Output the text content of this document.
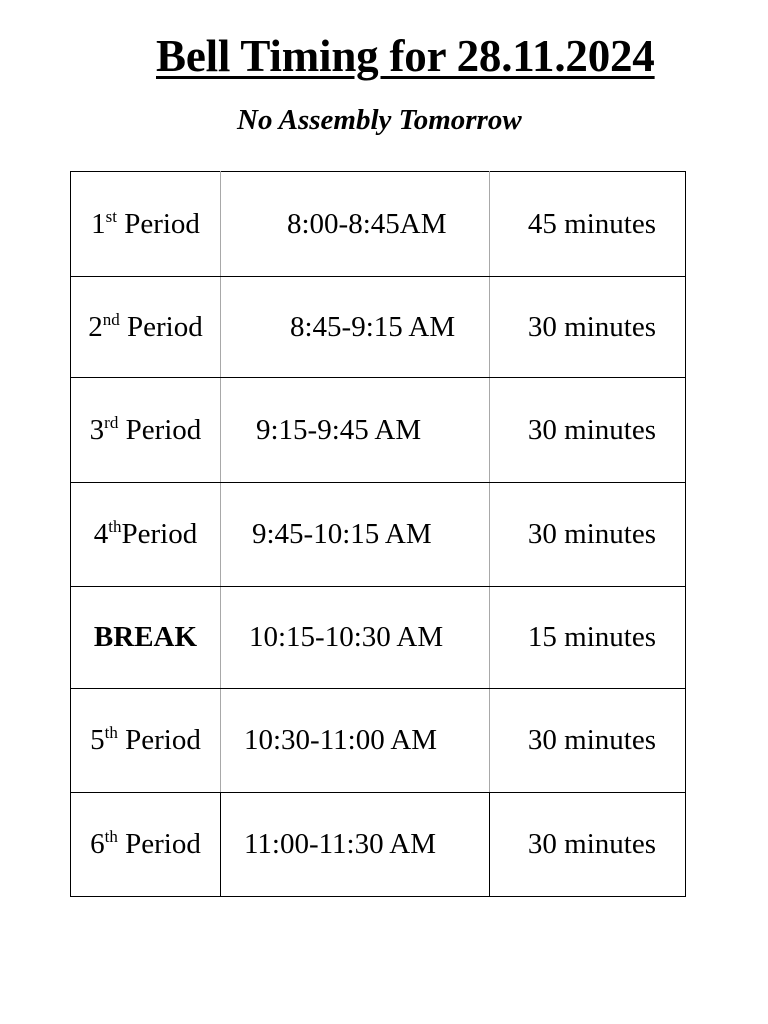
Bell Timing for 28.11.2024

No Assembly Tomorrow

1st Period	8:00-8:45AM	45 minutes
2nd Period	8:45-9:15 AM	30 minutes
3rd Period	9:15-9:45 AM	30 minutes
4thPeriod	9:45-10:15 AM	30 minutes
BREAK	10:15-10:30 AM	15 minutes
5th Period	10:30-11:00 AM	30 minutes
6th Period	11:00-11:30 AM	30 minutes
